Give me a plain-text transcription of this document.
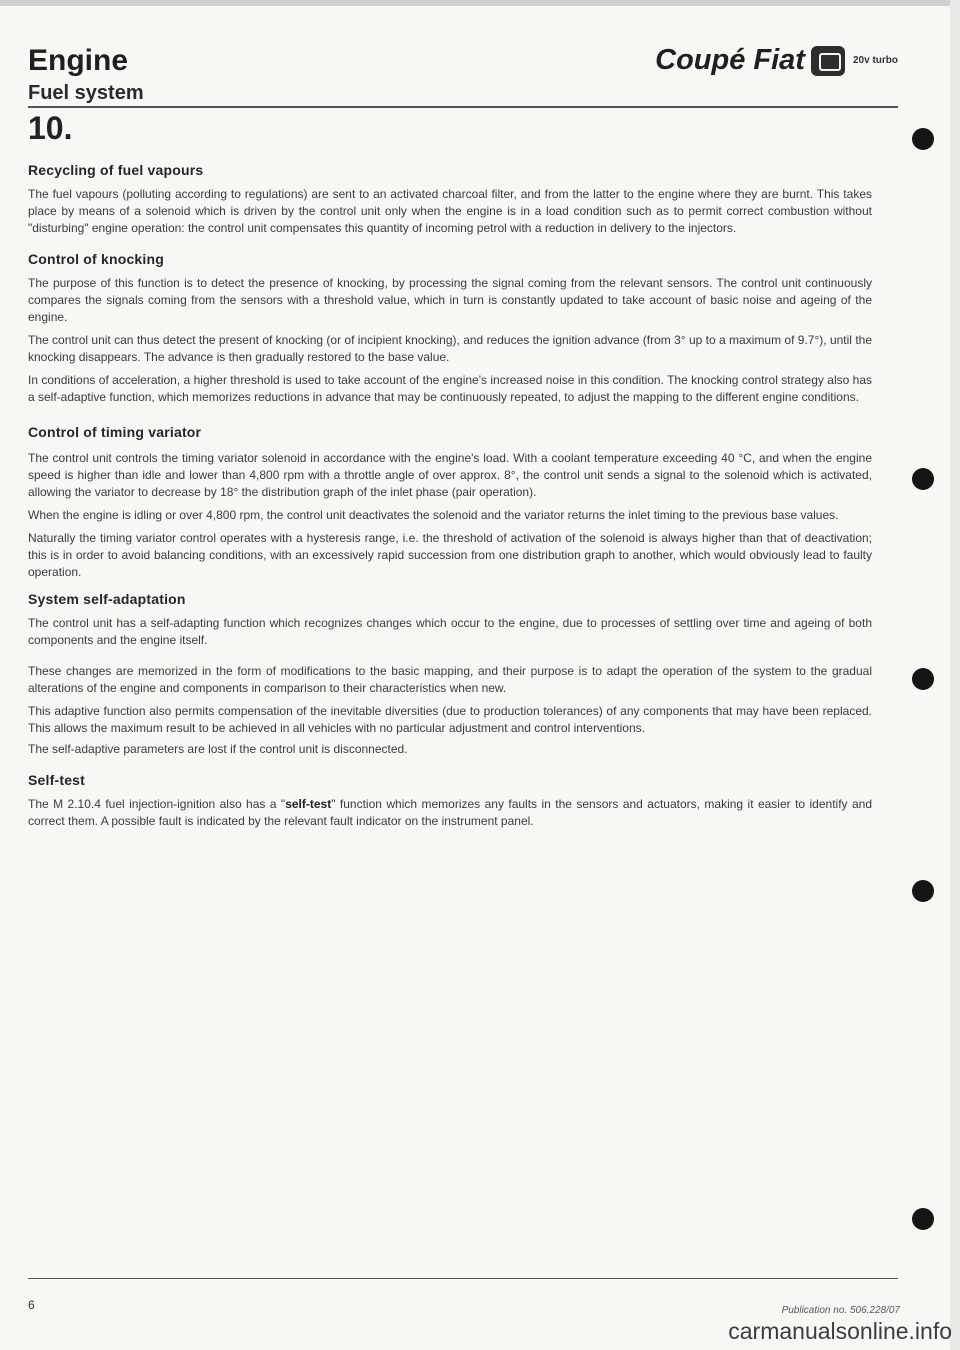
Engine
Fuel system
Coupé Fiat	20v turbo
10.
Recycling of fuel vapours

The fuel vapours (polluting according to regulations) are sent to an activated charcoal filter, and from the latter to the engine where they are burnt. This takes place by means of a solenoid which is driven by the control unit only when the engine is in a load condition such as to permit correct combustion without "disturbing" engine operation: the control unit compensates this quantity of incoming petrol with a reduction in delivery to the injectors.

Control of knocking

The purpose of this function is to detect the presence of knocking, by processing the signal coming from the relevant sensors. The control unit continuously compares the signals coming from the sensors with a threshold value, which in turn is constantly updated to take account of basic noise and ageing of the engine.

The control unit can thus detect the present of knocking (or of incipient knocking), and reduces the ignition advance (from 3° up to a maximum of 9.7°), until the knocking disappears. The advance is then gradually restored to the base value.

In conditions of acceleration, a higher threshold is used to take account of the engine's increased noise in this condition. The knocking control strategy also has a self-adaptive function, which memorizes reductions in advance that may be continuously repeated, to adjust the mapping to the different engine conditions.

Control of timing variator

The control unit controls the timing variator solenoid in accordance with the engine's load. With a coolant temperature exceeding 40 °C, and when the engine speed is higher than idle and lower than 4,800 rpm with a throttle angle of over approx. 8°, the control unit sends a signal to the solenoid which is activated, allowing the variator to decrease by 18° the distribution graph of the inlet phase (pair operation).

When the engine is idling or over 4,800 rpm, the control unit deactivates the solenoid and the variator returns the inlet timing to the previous base values.

Naturally the timing variator control operates with a hysteresis range, i.e. the threshold of activation of the solenoid is always higher than that of deactivation; this is in order to avoid balancing conditions, with an excessively rapid succession from one distribution graph to another, which would obviously lead to faulty operation.

System self-adaptation

The control unit has a self-adapting function which recognizes changes which occur to the engine, due to processes of settling over time and ageing of both components and the engine itself.

These changes are memorized in the form of modifications to the basic mapping, and their purpose is to adapt the operation of the system to the gradual alterations of the engine and components in comparison to their characteristics when new.

This adaptive function also permits compensation of the inevitable diversities (due to production tolerances) of any components that may have been replaced. This allows the maximum result to be achieved in all vehicles with no particular adjustment and control interventions.

The self-adaptive parameters are lost if the control unit is disconnected.

Self-test

The M 2.10.4 fuel injection-ignition also has a "self-test" function which memorizes any faults in the sensors and actuators, making it easier to identify and correct them. A possible fault is indicated by the relevant fault indicator on the instrument panel.

6	Publication no. 506.228/07
carmanualsonline.info
